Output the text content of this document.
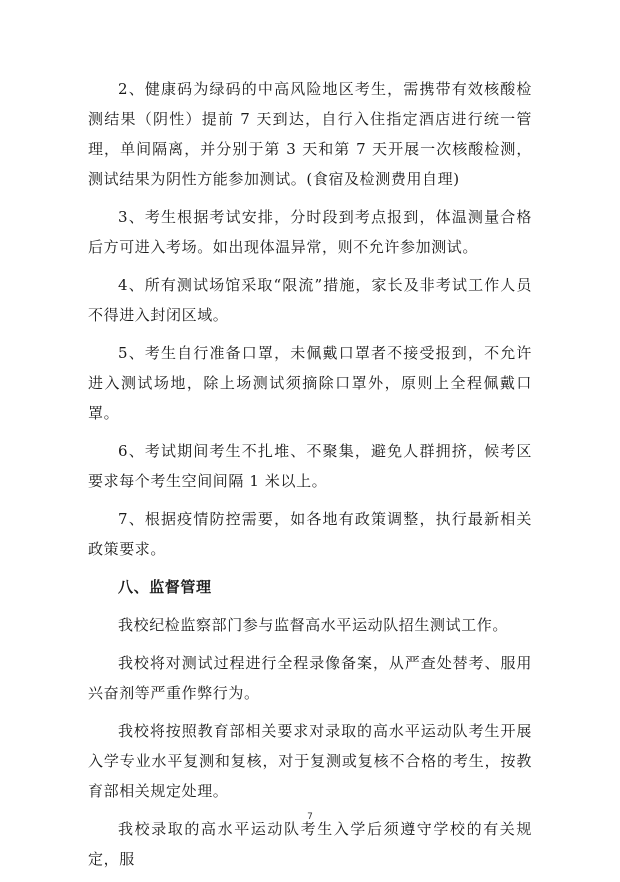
2、健康码为绿码的中高风险地区考生，需携带有效核酸检测结果（阴性）提前 7 天到达，自行入住指定酒店进行统一管理，单间隔离，并分别于第 3 天和第 7 天开展一次核酸检测，测试结果为阴性方能参加测试。(食宿及检测费用自理)

3、考生根据考试安排，分时段到考点报到，体温测量合格后方可进入考场。如出现体温异常，则不允许参加测试。

4、所有测试场馆采取“限流”措施，家长及非考试工作人员不得进入封闭区域。

5、考生自行准备口罩，未佩戴口罩者不接受报到，不允许进入测试场地，除上场测试须摘除口罩外，原则上全程佩戴口罩。

6、考试期间考生不扎堆、不聚集，避免人群拥挤，候考区要求每个考生空间间隔 1 米以上。

7、根据疫情防控需要，如各地有政策调整，执行最新相关政策要求。

八、监督管理

我校纪检监察部门参与监督高水平运动队招生测试工作。

我校将对测试过程进行全程录像备案，从严查处替考、服用兴奋剂等严重作弊行为。

我校将按照教育部相关要求对录取的高水平运动队考生开展入学专业水平复测和复核，对于复测或复核不合格的考生，按教育部相关规定处理。

我校录取的高水平运动队考生入学后须遵守学校的有关规定，服

7
